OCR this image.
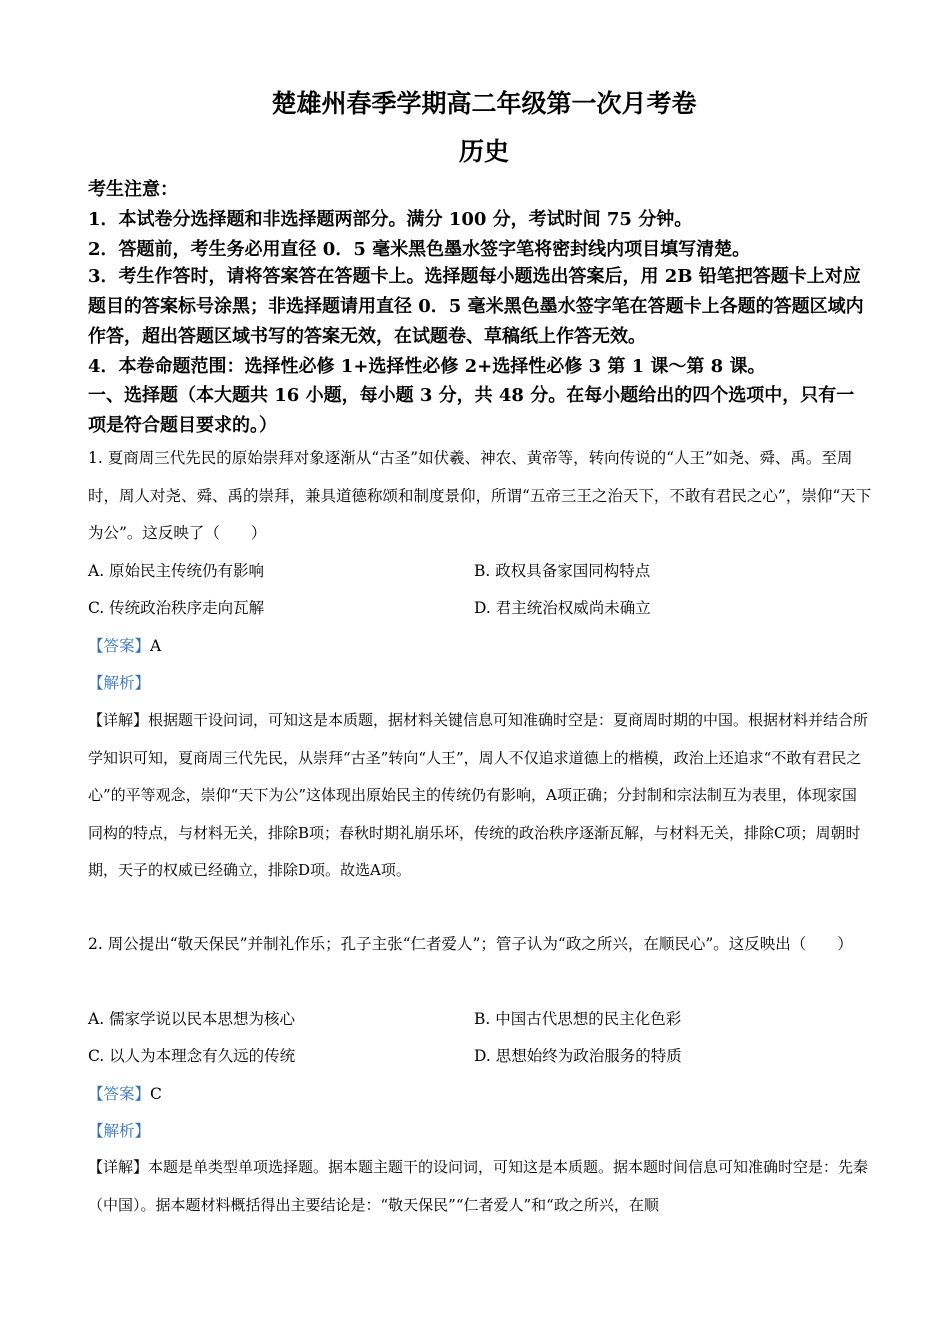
楚雄州春季学期高二年级第一次月考卷
历史
考生注意：
1．本试卷分选择题和非选择题两部分。满分 100 分，考试时间 75 分钟。
2．答题前，考生务必用直径 0．5 毫米黑色墨水签字笔将密封线内项目填写清楚。
3．考生作答时，请将答案答在答题卡上。选择题每小题选出答案后，用 2B 铅笔把答题卡上对应题目的答案标号涂黑；非选择题请用直径 0．5 毫米黑色墨水签字笔在答题卡上各题的答题区域内作答，超出答题区域书写的答案无效，在试题卷、草稿纸上作答无效。
4．本卷命题范围：选择性必修 1+选择性必修 2+选择性必修 3 第 1 课～第 8 课。
一、选择题（本大题共 16 小题，每小题 3 分，共 48 分。在每小题给出的四个选项中，只有一项是符合题目要求的。）
1. 夏商周三代先民的原始崇拜对象逐渐从“古圣”如伏羲、神农、黄帝等，转向传说的“人王”如尧、舜、禹。至周时，周人对尧、舜、禹的崇拜，兼具道德称颂和制度景仰，所谓“五帝三王之治天下，不敢有君民之心”，崇仰“天下为公”。这反映了（　　）
A. 原始民主传统仍有影响	B. 政权具备家国同构特点
C. 传统政治秩序走向瓦解	D. 君主统治权威尚未确立
【答案】A
【解析】
【详解】根据题干设问词，可知这是本质题，据材料关键信息可知准确时空是：夏商周时期的中国。根据材料并结合所学知识可知，夏商周三代先民，从崇拜“古圣”转向“人王”，周人不仅追求道德上的楷模，政治上还追求“不敢有君民之心”的平等观念，崇仰“天下为公”这体现出原始民主的传统仍有影响，A项正确；分封制和宗法制互为表里，体现家国同构的特点，与材料无关，排除B项；春秋时期礼崩乐坏，传统的政治秩序逐渐瓦解，与材料无关，排除C项；周朝时期，天子的权威已经确立，排除D项。故选A项。
2. 周公提出“敬天保民”并制礼作乐；孔子主张“仁者爱人”；管子认为“政之所兴，在顺民心”。这反映出（　　）
A. 儒家学说以民本思想为核心	B. 中国古代思想的民主化色彩
C. 以人为本理念有久远的传统	D. 思想始终为政治服务的特质
【答案】C
【解析】
【详解】本题是单类型单项选择题。据本题主题干的设问词，可知这是本质题。据本题时间信息可知准确时空是：先秦（中国）。据本题材料概括得出主要结论是：“敬天保民”“仁者爱人”和“政之所兴，在顺
